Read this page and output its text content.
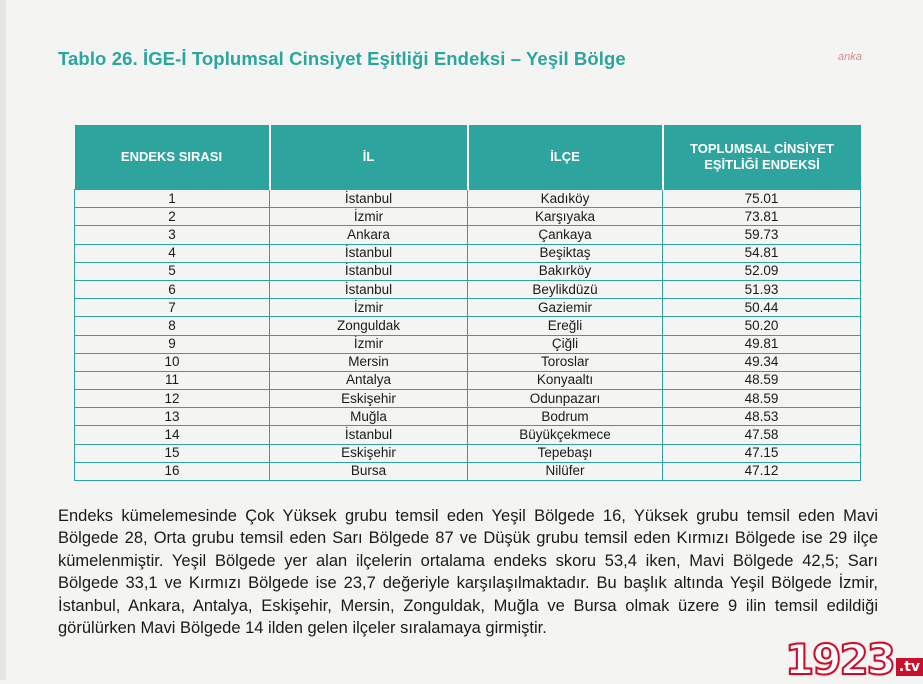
Tablo 26. İGE-İ Toplumsal Cinsiyet Eşitliği Endeksi – Yeşil Bölge	anka
ENDEKS SIRASI	İL	İLÇE	TOPLUMSAL CİNSİYET EŞİTLİĞİ ENDEKSİ
1	İstanbul	Kadıköy	75.01
2	İzmir	Karşıyaka	73.81
3	Ankara	Çankaya	59.73
4	İstanbul	Beşiktaş	54.81
5	İstanbul	Bakırköy	52.09
6	İstanbul	Beylikdüzü	51.93
7	İzmir	Gaziemir	50.44
8	Zonguldak	Ereğli	50.20
9	İzmir	Çiğli	49.81
10	Mersin	Toroslar	49.34
11	Antalya	Konyaaltı	48.59
12	Eskişehir	Odunpazarı	48.59
13	Muğla	Bodrum	48.53
14	İstanbul	Büyükçekmece	47.58
15	Eskişehir	Tepebaşı	47.15
16	Bursa	Nilüfer	47.12
Endeks kümelemesinde Çok Yüksek grubu temsil eden Yeşil Bölgede 16, Yüksek grubu temsil eden Mavi Bölgede 28, Orta grubu temsil eden Sarı Bölgede 87 ve Düşük grubu temsil eden Kırmızı Bölgede ise 29 ilçe kümelenmiştir. Yeşil Bölgede yer alan ilçelerin ortalama endeks skoru 53,4 iken, Mavi Bölgede 42,5; Sarı Bölgede 33,1 ve Kırmızı Bölgede ise 23,7 değeriyle karşılaşılmaktadır. Bu başlık altında Yeşil Bölgede İzmir, İstanbul, Ankara, Antalya, Eskişehir, Mersin, Zonguldak, Muğla ve Bursa olmak üzere 9 ilin temsil edildiği görülürken Mavi Bölgede 14 ilden gelen ilçeler sıralamaya girmiştir.
1923 .tv
